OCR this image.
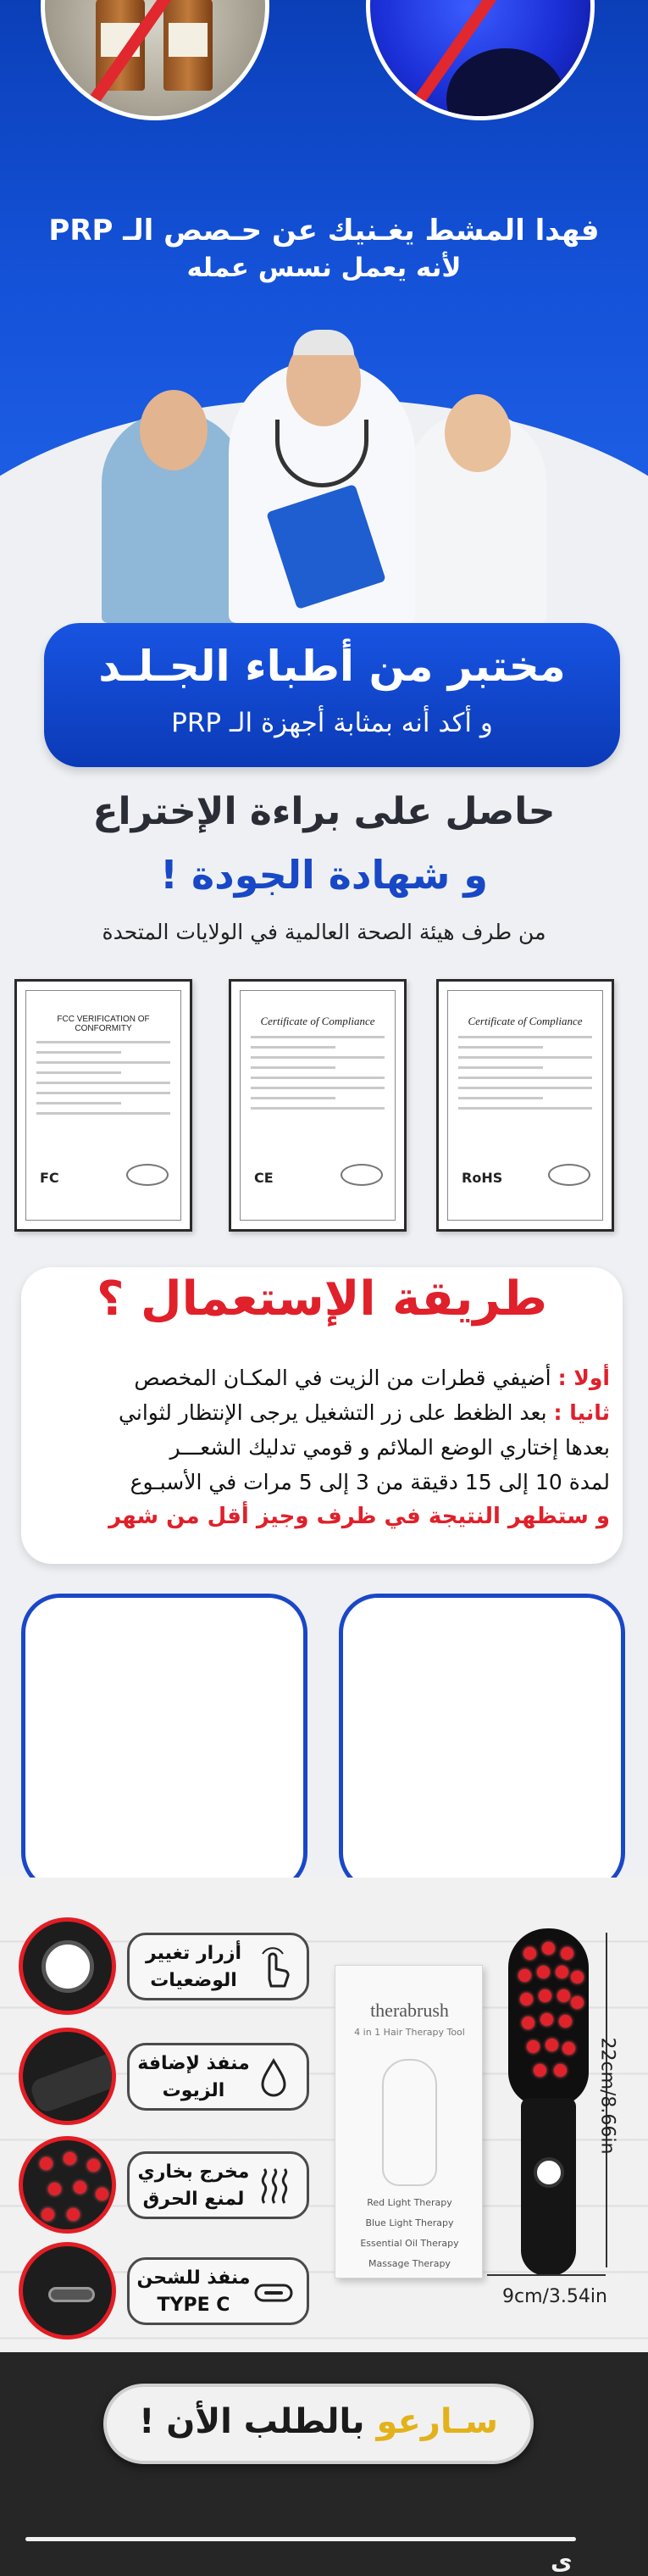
فهدا المشط يغـنيك عن حـصص الـ PRP
لأنه يعمل نسس عمله
مختبر من أطباء الجـلـد
و أكد أنه بمثابة أجهزة الـ PRP
حاصل على براءة الإختراع
و شهادة الجودة !
من طرف هيئة الصحة العالمية في الولايات المتحدة
FCC VERIFICATION OF CONFORMITY
FC
Certificate of Compliance
CE
Certificate of Compliance
RoHS
طريقة الإستعمال ؟
أولا : أضيفي قطرات من الزيت في المكـان المخصص
ثانيا : بعد الظغط على زر التشغيل يرجى الإنتظار لثواني
بعدها إختاري الوضع الملائم و قومي تدليك الشعـــر
لمدة 10 إلى 15 دقيقة من 3 إلى 5 مرات في الأسبـوع
و ستظهر النتيجة في ظرف وجيز أقل من شهر
أزرار تغيير الوضعيات
منفذ لإضافة الزيوت
مخرج بخاري لمنع الحرق
منفذ للشحن TYPE C
therabrush
4 in 1 Hair Therapy Tool
Red Light Therapy
Blue Light Therapy
Essential Oil Therapy
Massage Therapy
22cm/8.66in
9cm/3.54in
سـارعو بالطلب الأن !
ى
